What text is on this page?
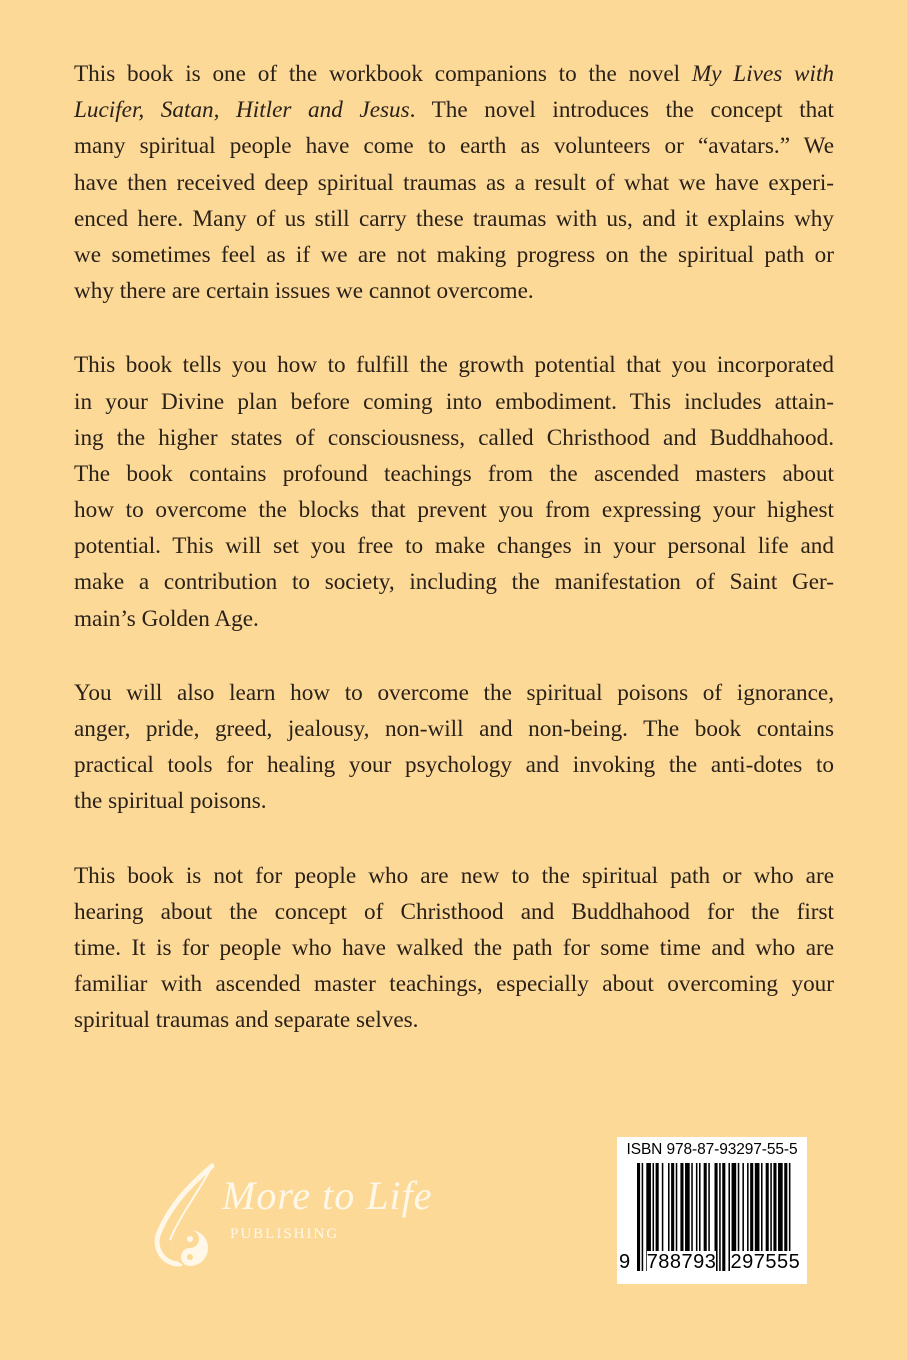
This book is one of the workbook companions to the novel My Lives with
Lucifer, Satan, Hitler and Jesus. The novel introduces the concept that
many spiritual people have come to earth as volunteers or “avatars.” We
have then received deep spiritual traumas as a result of what we have experi-
enced here. Many of us still carry these traumas with us, and it explains why
we sometimes feel as if we are not making progress on the spiritual path or
why there are certain issues we cannot overcome.
This book tells you how to fulfill the growth potential that you incorporated
in your Divine plan before coming into embodiment. This includes attain-
ing the higher states of consciousness, called Christhood and Buddhahood.
The book contains profound teachings from the ascended masters about
how to overcome the blocks that prevent you from expressing your highest
potential. This will set you free to make changes in your personal life and
make a contribution to society, including the manifestation of Saint Ger-
main’s Golden Age.
You will also learn how to overcome the spiritual poisons of ignorance,
anger, pride, greed, jealousy, non-will and non-being. The book contains
practical tools for healing your psychology and invoking the anti-dotes to
the spiritual poisons.
This book is not for people who are new to the spiritual path or who are
hearing about the concept of Christhood and Buddhahood for the first
time. It is for people who have walked the path for some time and who are
familiar with ascended master teachings, especially about overcoming your
spiritual traumas and separate selves.
More to Life
PUBLISHING
ISBN 978-87-93297-55-5
9 788793 297555
